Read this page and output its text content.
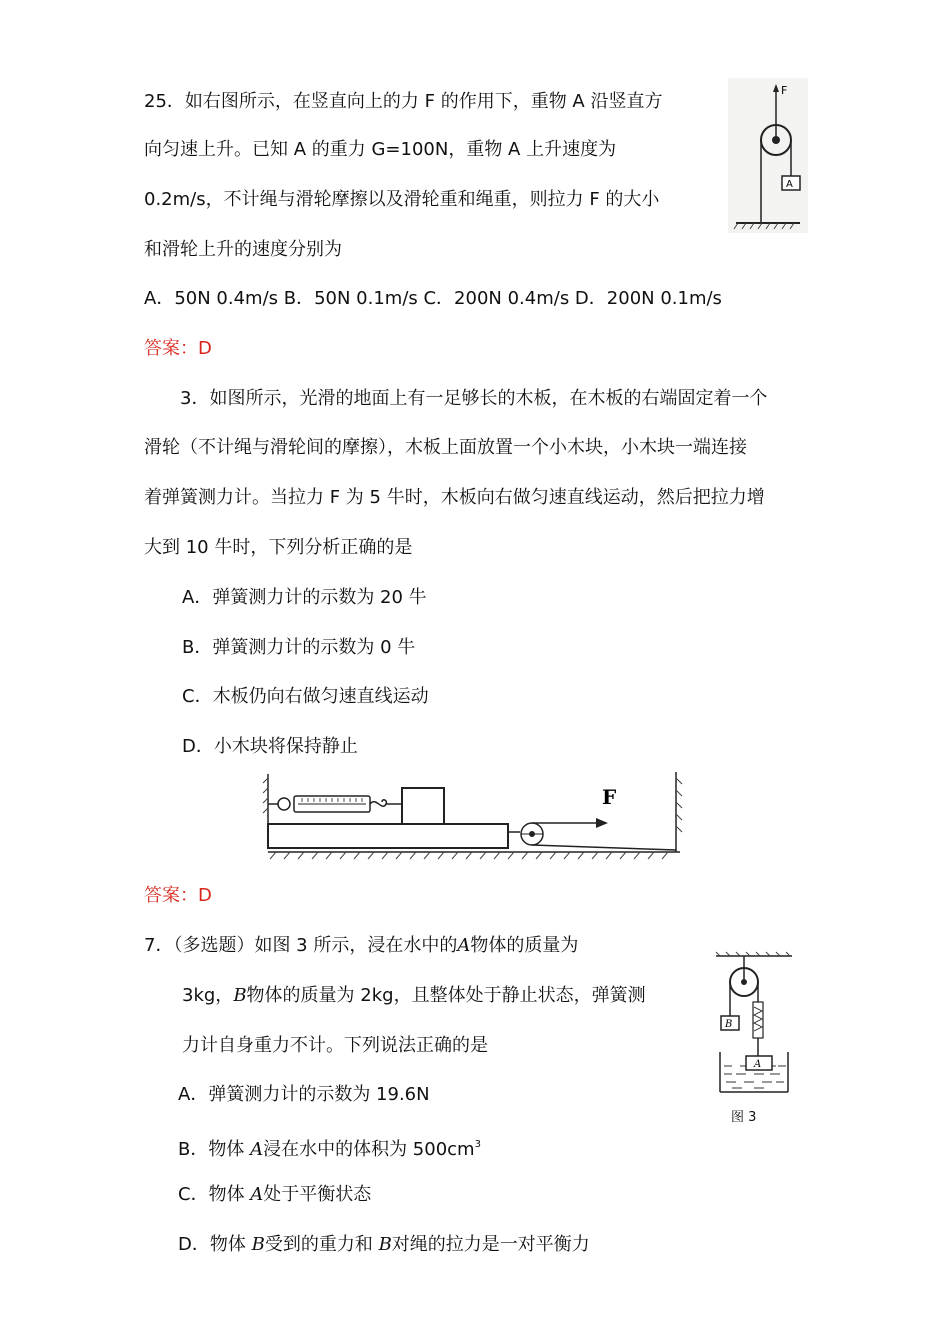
25．如右图所示，在竖直向上的力 F 的作用下，重物 A 沿竖直方
向匀速上升。已知 A 的重力 G=100N，重物 A 上升速度为
0.2m/s，不计绳与滑轮摩擦以及滑轮重和绳重，则拉力 F 的大小
和滑轮上升的速度分别为
A．50N 0.4m/s B．50N 0.1m/s C．200N 0.4m/s D．200N 0.1m/s
答案：D
F
A
3．如图所示，光滑的地面上有一足够长的木板，在木板的右端固定着一个
滑轮（不计绳与滑轮间的摩擦），木板上面放置一个小木块，小木块一端连接
着弹簧测力计。当拉力 F 为 5 牛时，木板向右做匀速直线运动，然后把拉力增
大到 10 牛时，下列分析正确的是
A．弹簧测力计的示数为 20 牛
B．弹簧测力计的示数为 0 牛
C．木板仍向右做匀速直线运动
D．小木块将保持静止
F
答案：D
7．（多选题）如图 3 所示，浸在水中的A物体的质量为
3kg，B物体的质量为 2kg，且整体处于静止状态，弹簧测
力计自身重力不计。下列说法正确的是
A．弹簧测力计的示数为 19.6N
B．物体 A浸在水中的体积为 $500cm^3$
C．物体 A处于平衡状态
D．物体 B受到的重力和 B对绳的拉力是一对平衡力
B
A
图 3
